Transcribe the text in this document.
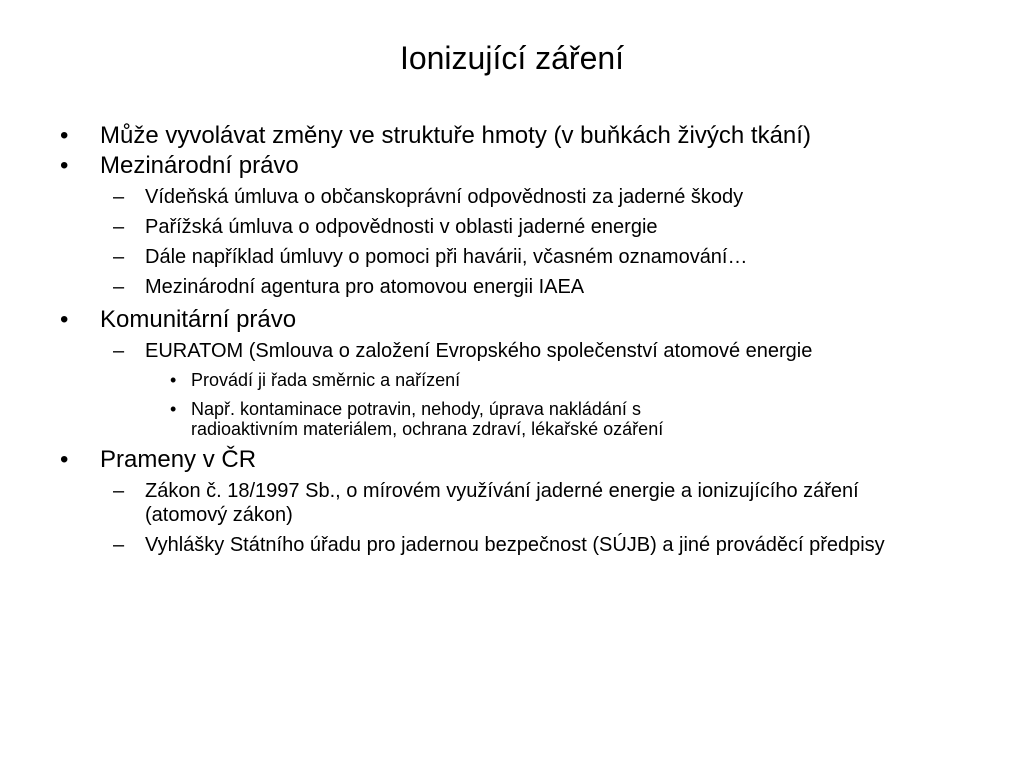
Ionizující záření
• Může vyvolávat změny ve struktuře hmoty (v buňkách živých tkání)
• Mezinárodní právo
– Vídeňská úmluva o občanskoprávní odpovědnosti za jaderné škody
– Pařížská úmluva o odpovědnosti v oblasti jaderné energie
– Dále například úmluvy o pomoci při havárii, včasném oznamování…
– Mezinárodní agentura pro atomovou energii IAEA
• Komunitární právo
– EURATOM (Smlouva o založení Evropského společenství atomové energie
• Provádí ji řada směrnic a nařízení
• Např. kontaminace potravin, nehody, úprava nakládání s radioaktivním materiálem, ochrana zdraví, lékařské ozáření
• Prameny v ČR
– Zákon č. 18/1997 Sb., o mírovém využívání jaderné energie a ionizujícího záření (atomový zákon)
– Vyhlášky Státního úřadu pro jadernou bezpečnost (SÚJB) a jiné prováděcí předpisy
